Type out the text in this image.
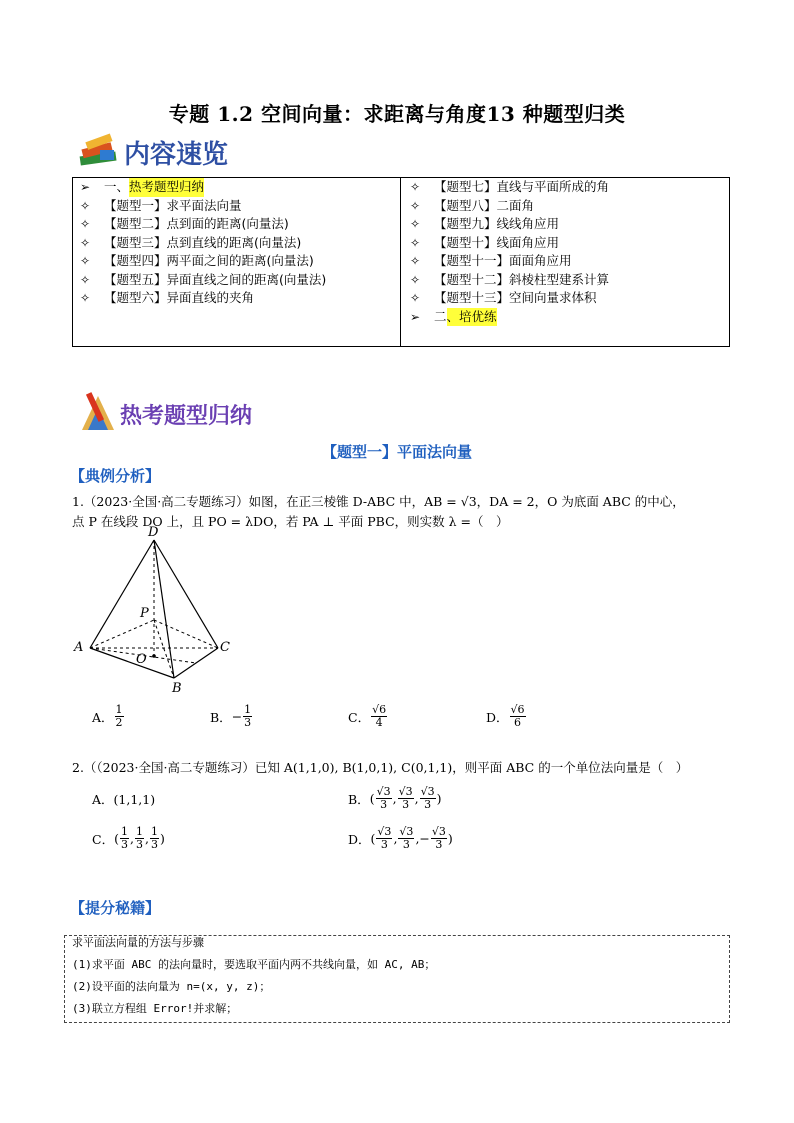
专题 1.2 空间向量：求距离与角度13 种题型归类
内容速览
➢	一、 热考题型归纳
✧	【题型一】求平面法向量
✧	【题型二】点到面的距离(向量法)
✧	【题型三】点到直线的距离(向量法)
✧	【题型四】两平面之间的距离(向量法)
✧	【题型五】异面直线之间的距离(向量法)
✧	【题型六】异面直线的夹角
✧	【题型七】直线与平面所成的角
✧	【题型八】二面角
✧	【题型九】线线角应用
✧	【题型十】线面角应用
✧	【题型十一】面面角应用
✧	【题型十二】斜棱柱型建系计算
✧	【题型十三】空间向量求体积
➢	二 、培优练
热考题型归纳
【题型一】平面法向量
【典例分析】
1.（2023·全国·高二专题练习）如图，在正三棱锥 D-ABC 中，AB = √3，DA = 2，O 为底面 ABC 的中心，
点 P 在线段 DO 上，且 PO = λDO，若 PA ⊥ 平面 PBC，则实数 λ =（　）
D
P
A	C
O
B
A． $\frac{1}{2}$	B． − $\frac{1}{3}$	C． $\frac{√6}{4}$	D． $\frac{√6}{6}$
2.（（2023·全国·高二专题练习）已知 A(1,1,0), B(1,0,1), C(0,1,1)，则平面 ABC 的一个单位法向量是（　）
A．(1,1,1)	B． ( $\frac{√3}{3}$ , $\frac{√3}{3}$ , $\frac{√3}{3}$ )
C． ( $\frac{1}{3}$ , $\frac{1}{3}$ , $\frac{1}{3}$ )	D． ( $\frac{√3}{3}$ , $\frac{√3}{3}$ , − $\frac{√3}{3}$ )
【提分秘籍】
求平面法向量的方法与步骤
(1)求平面 ABC 的法向量时，要选取平面内两不共线向量，如 AC, AB；
(2)设平面的法向量为 n=(x, y, z)；
(3)联立方程组 Error!并求解；
